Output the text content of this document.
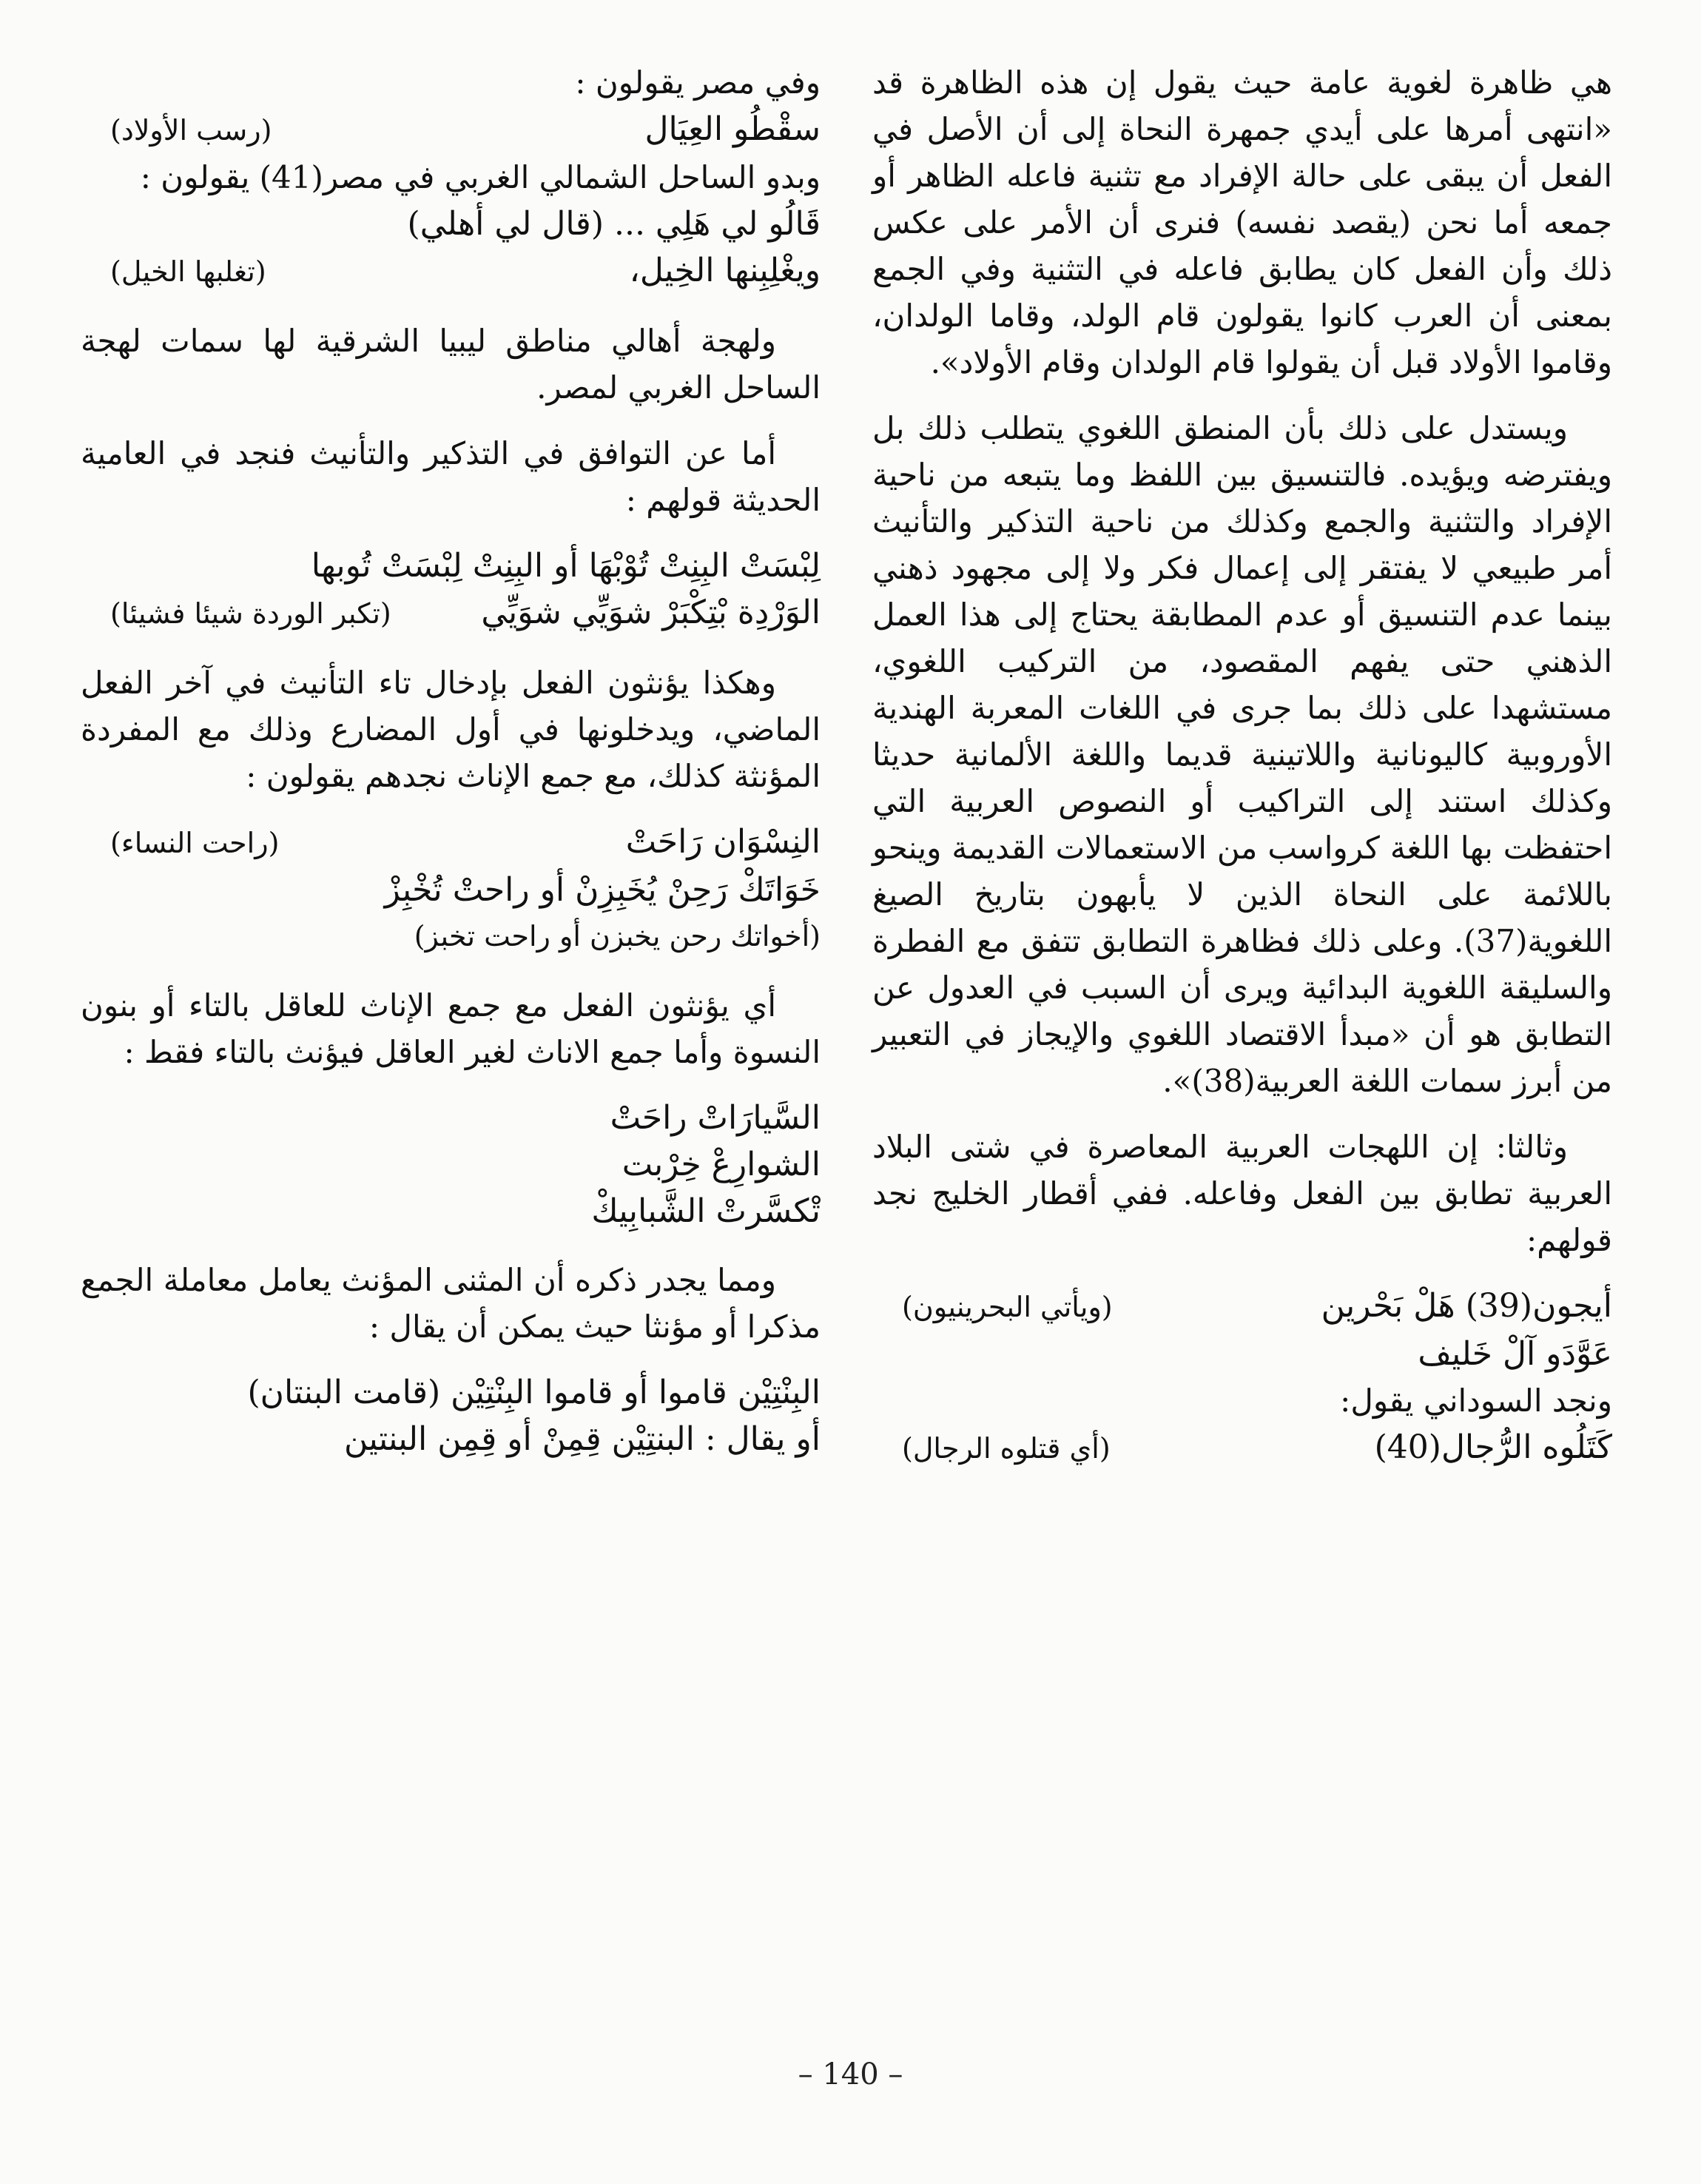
هي ظاهرة لغوية عامة حيث يقول إن هذه الظاهرة قد «انتهى أمرها على أيدي جمهرة النحاة إلى أن الأصل في الفعل أن يبقى على حالة الإفراد مع تثنية فاعله الظاهر أو جمعه أما نحن (يقصد نفسه) فنرى أن الأمر على عكس ذلك وأن الفعل كان يطابق فاعله في التثنية وفي الجمع بمعنى أن العرب كانوا يقولون قام الولد، وقاما الولدان، وقاموا الأولاد قبل أن يقولوا قام الولدان وقام الأولاد».

ويستدل على ذلك بأن المنطق اللغوي يتطلب ذلك بل ويفترضه ويؤيده. فالتنسيق بين اللفظ وما يتبعه من ناحية الإفراد والتثنية والجمع وكذلك من ناحية التذكير والتأنيث أمر طبيعي لا يفتقر إلى إعمال فكر ولا إلى مجهود ذهني بينما عدم التنسيق أو عدم المطابقة يحتاج إلى هذا العمل الذهني حتى يفهم المقصود، من التركيب اللغوي، مستشهدا على ذلك بما جرى في اللغات المعربة الهندية الأوروبية كاليونانية واللاتينية قديما واللغة الألمانية حديثا وكذلك استند إلى التراكيب أو النصوص العربية التي احتفظت بها اللغة كرواسب من الاستعمالات القديمة وينحو باللائمة على النحاة الذين لا يأبهون بتاريخ الصيغ اللغوية(37). وعلى ذلك فظاهرة التطابق تتفق مع الفطرة والسليقة اللغوية البدائية ويرى أن السبب في العدول عن التطابق هو أن «مبدأ الاقتصاد اللغوي والإيجاز في التعبير من أبرز سمات اللغة العربية(38)».

وثالثا: إن اللهجات العربية المعاصرة في شتى البلاد العربية تطابق بين الفعل وفاعله. ففي أقطار الخليج نجد قولهم:

أيجون(39) هَلْ بَحْرين
(ويأتي البحرينيون)
عَوَّدَو آلْ خَليف
ونجد السوداني يقول:
كَتَلُوه الرُّجال(40)
(أي قتلوه الرجال)
وفي مصر يقولون :
سقْطُو العِيَال
(رسب الأولاد)
وبدو الساحل الشمالي الغربي في مصر(41) يقولون :
قَالُو لي هَلِي ... (قال لي أهلي)
ويغْلِبِنها الخِيل،
(تغلبها الخيل)

ولهجة أهالي مناطق ليبيا الشرقية لها سمات لهجة الساحل الغربي لمصر.

أما عن التوافق في التذكير والتأنيث فنجد في العامية الحديثة قولهم :

لِبْسَتْ البِنِتْ تُوْبْهَا أو البِنِتْ لِبْسَتْ تُوبها
الوَرْدِة بْتِكْبَرْ شوَيِّي شوَيِّي
(تكبر الوردة شيئا فشيئا)

وهكذا يؤنثون الفعل بإدخال تاء التأنيث في آخر الفعل الماضي، ويدخلونها في أول المضارع وذلك مع المفردة المؤنثة كذلك، مع جمع الإناث نجدهم يقولون :

النِسْوَان رَاحَتْ
(راحت النساء)
خَوَاتَكْ رَحِنْ يُخَبِزِنْ أو راحتْ تُخْبِزْ
(أخواتك رحن يخبزن أو راحت تخبز)

أي يؤنثون الفعل مع جمع الإناث للعاقل بالتاء أو بنون النسوة وأما جمع الاناث لغير العاقل فيؤنث بالتاء فقط :

السَّيارَاتْ راحَتْ
الشوارِعْ خِرْبت
تْكسَّرتْ الشَّبابِيكْ

ومما يجدر ذكره أن المثنى المؤنث يعامل معاملة الجمع مذكرا أو مؤنثا حيث يمكن أن يقال :

البِنْتِيْن قاموا أو قاموا البِنْتِيْن (قامت البنتان)
أو يقال : البنتِيْن قِمِنْ أو قِمِن البنتين
– 140 –
